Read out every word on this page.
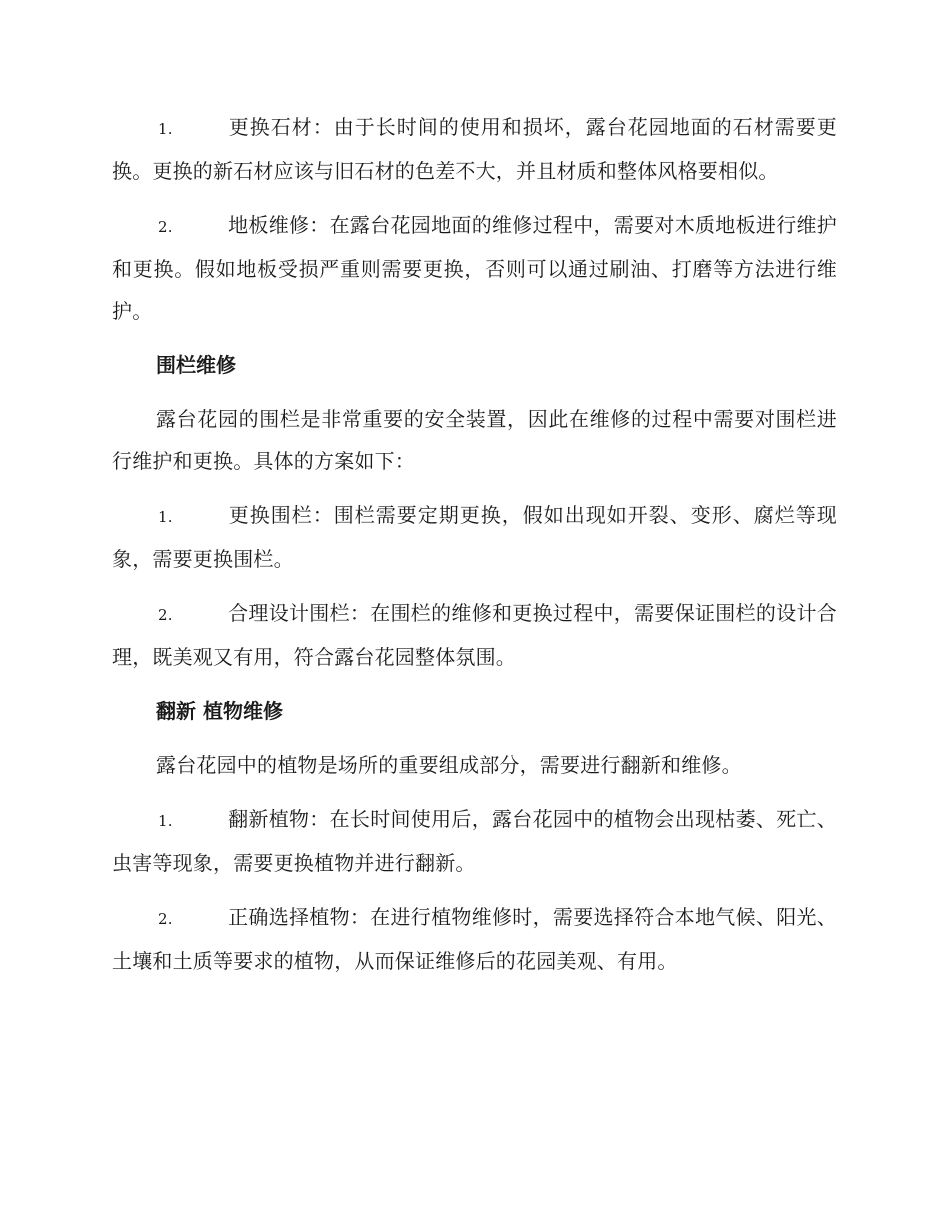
1.	更换石材：由于长时间的使用和损坏，露台花园地面的石材需要更换。更换的新石材应该与旧石材的色差不大，并且材质和整体风格要相似。

2.	地板维修：在露台花园地面的维修过程中，需要对木质地板进行维护和更换。假如地板受损严重则需要更换，否则可以通过刷油、打磨等方法进行维护。

围栏维修

露台花园的围栏是非常重要的安全装置，因此在维修的过程中需要对围栏进行维护和更换。具体的方案如下：

1.	更换围栏：围栏需要定期更换，假如出现如开裂、变形、腐烂等现象，需要更换围栏。

2.	合理设计围栏：在围栏的维修和更换过程中，需要保证围栏的设计合理，既美观又有用，符合露台花园整体氛围。

翻新 植物维修

露台花园中的植物是场所的重要组成部分，需要进行翻新和维修。

1.	翻新植物：在长时间使用后，露台花园中的植物会出现枯萎、死亡、虫害等现象，需要更换植物并进行翻新。

2.	正确选择植物：在进行植物维修时，需要选择符合本地气候、阳光、土壤和土质等要求的植物，从而保证维修后的花园美观、有用。
